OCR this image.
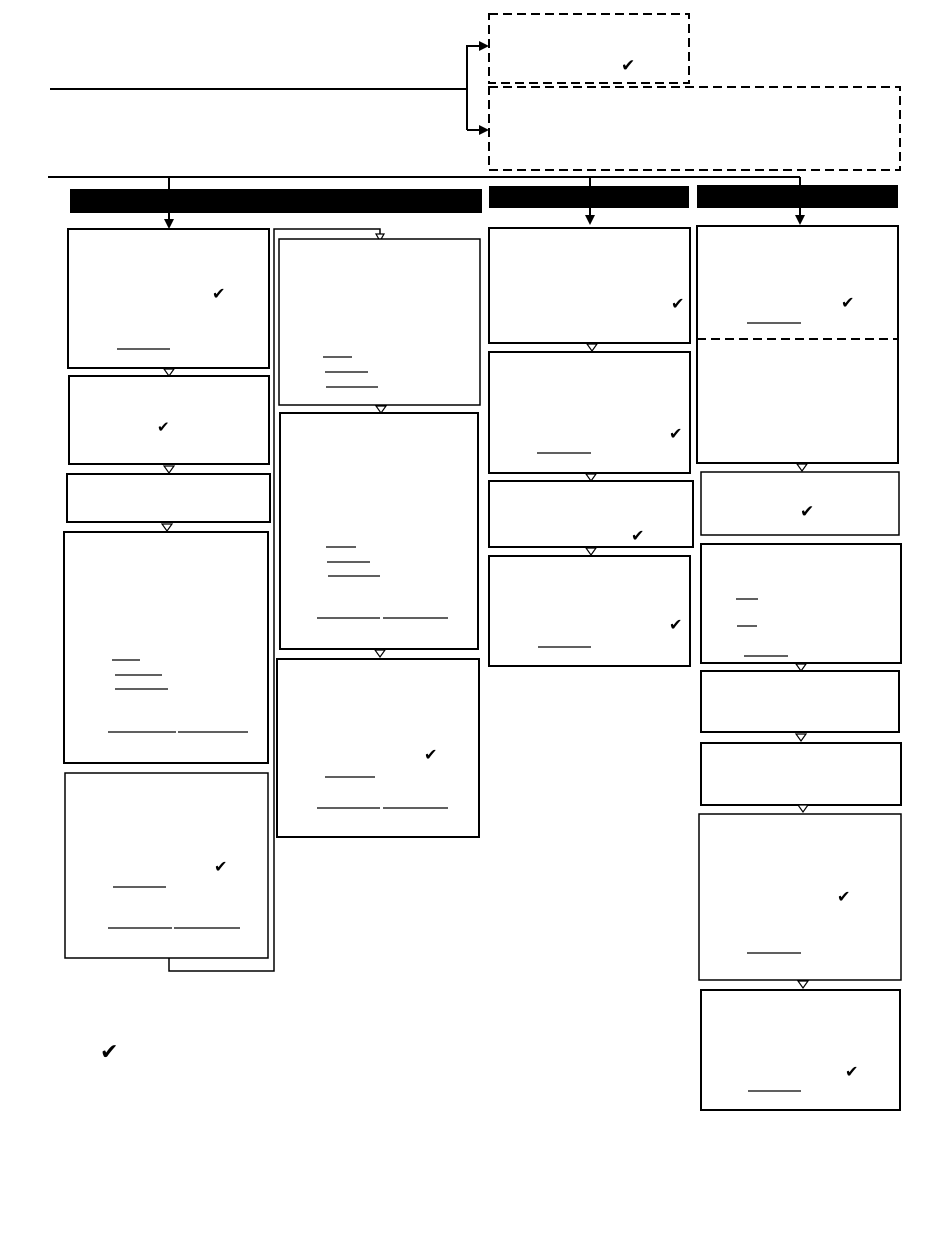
✔
✔
✔
✔
✔
✔
✔
✔
✔
✔
✔
✔
✔
✔
